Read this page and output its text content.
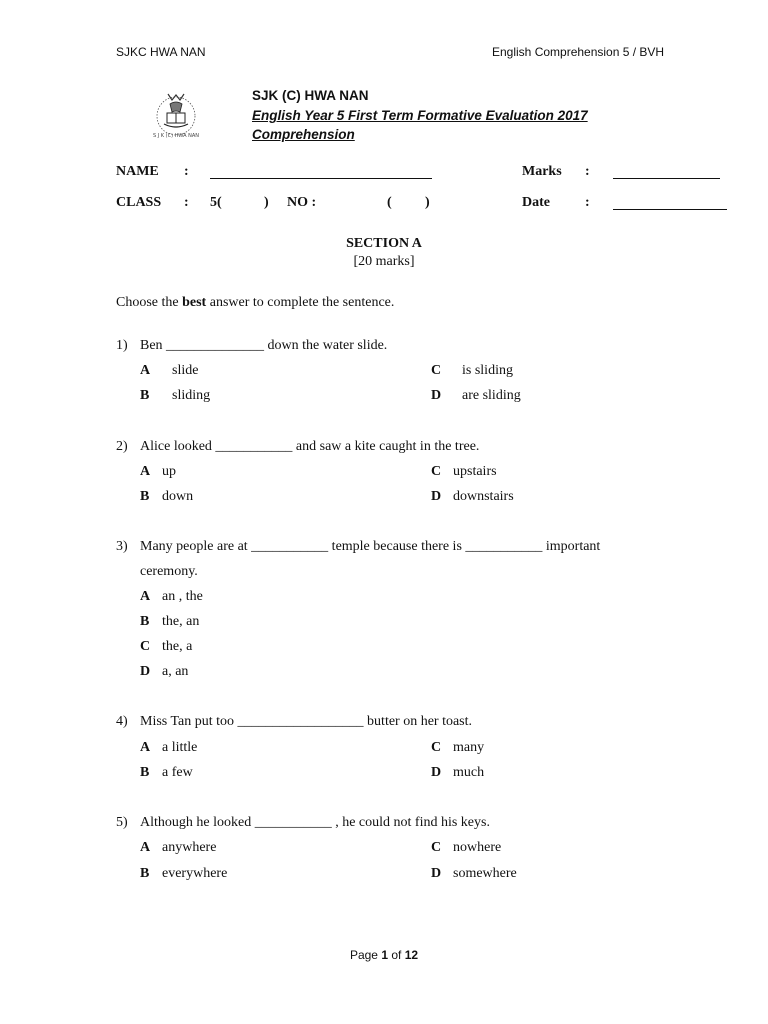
SJKC HWA NAN	English Comprehension 5 / BVH
S J K (C) HWA NAN
SJK (C) HWA NAN
English Year 5 First Term Formative Evaluation 2017
Comprehension
NAME :	Marks :
CLASS : 5(	) NO :	( )	Date	:
SECTION A
[20 marks]
Choose the best answer to complete the sentence.
1) Ben ______________ down the water slide.
A slide	C is sliding
B sliding	D are sliding
2) Alice looked ___________ and saw a kite caught in the tree.
A up	C upstairs
B down	D downstairs
3) Many people are at ___________ temple because there is ___________ important
ceremony.
A an , the
B the, an
C the, a
D a, an
4) Miss Tan put too __________________ butter on her toast.
A a little	C many
B a few	D much
5) Although he looked ___________ , he could not find his keys.
A anywhere	C nowhere
B everywhere	D somewhere
Page 1 of 12
